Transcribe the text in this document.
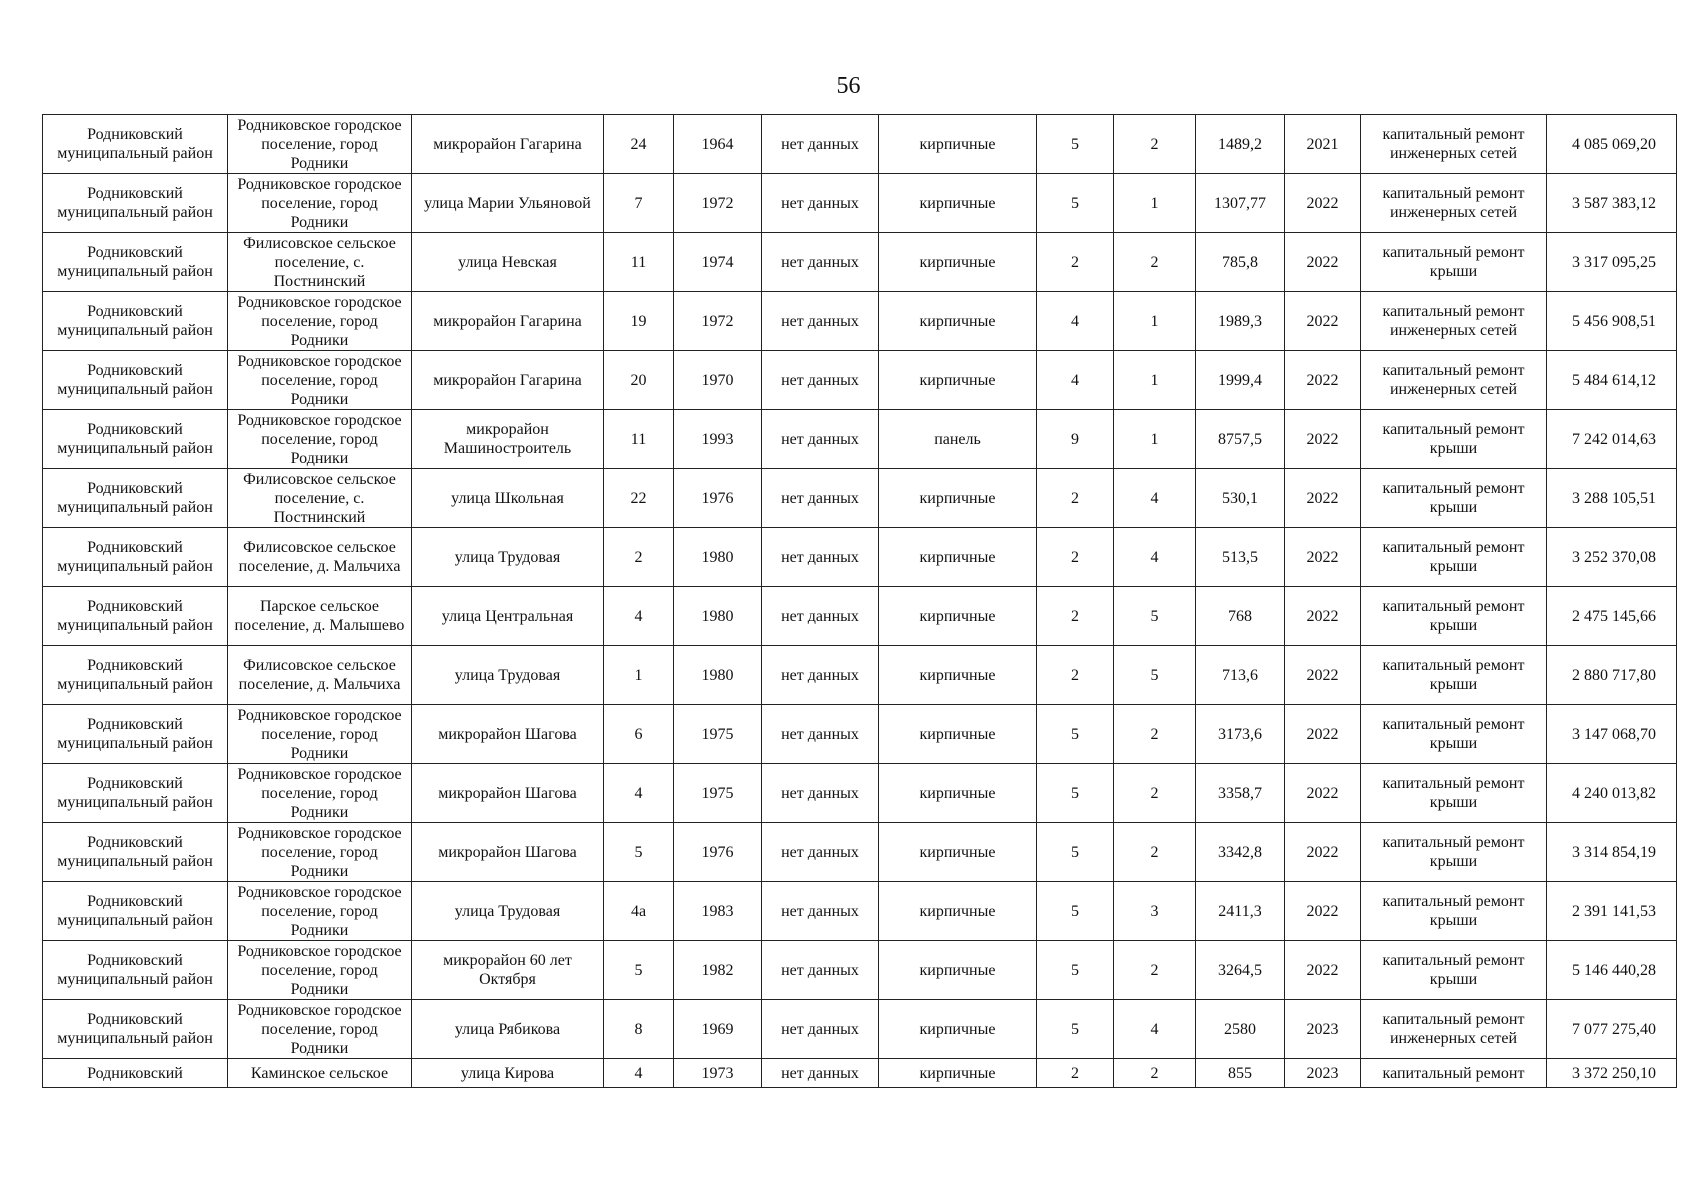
56
Родниковский муниципальный район	Родниковское городское поселение, город Родники	микрорайон Гагарина	24	1964	нет данных	кирпичные	5	2	1489,2	2021	капитальный ремонт инженерных сетей	4 085 069,20
Родниковский муниципальный район	Родниковское городское поселение, город Родники	улица Марии Ульяновой	7	1972	нет данных	кирпичные	5	1	1307,77	2022	капитальный ремонт инженерных сетей	3 587 383,12
Родниковский муниципальный район	Филисовское сельское поселение, с. Постнинский	улица Невская	11	1974	нет данных	кирпичные	2	2	785,8	2022	капитальный ремонт крыши	3 317 095,25
Родниковский муниципальный район	Родниковское городское поселение, город Родники	микрорайон Гагарина	19	1972	нет данных	кирпичные	4	1	1989,3	2022	капитальный ремонт инженерных сетей	5 456 908,51
Родниковский муниципальный район	Родниковское городское поселение, город Родники	микрорайон Гагарина	20	1970	нет данных	кирпичные	4	1	1999,4	2022	капитальный ремонт инженерных сетей	5 484 614,12
Родниковский муниципальный район	Родниковское городское поселение, город Родники	микрорайон Машиностроитель	11	1993	нет данных	панель	9	1	8757,5	2022	капитальный ремонт крыши	7 242 014,63
Родниковский муниципальный район	Филисовское сельское поселение, с. Постнинский	улица Школьная	22	1976	нет данных	кирпичные	2	4	530,1	2022	капитальный ремонт крыши	3 288 105,51
Родниковский муниципальный район	Филисовское сельское поселение, д. Мальчиха	улица Трудовая	2	1980	нет данных	кирпичные	2	4	513,5	2022	капитальный ремонт крыши	3 252 370,08
Родниковский муниципальный район	Парское сельское поселение, д. Малышево	улица Центральная	4	1980	нет данных	кирпичные	2	5	768	2022	капитальный ремонт крыши	2 475 145,66
Родниковский муниципальный район	Филисовское сельское поселение, д. Мальчиха	улица Трудовая	1	1980	нет данных	кирпичные	2	5	713,6	2022	капитальный ремонт крыши	2 880 717,80
Родниковский муниципальный район	Родниковское городское поселение, город Родники	микрорайон Шагова	6	1975	нет данных	кирпичные	5	2	3173,6	2022	капитальный ремонт крыши	3 147 068,70
Родниковский муниципальный район	Родниковское городское поселение, город Родники	микрорайон Шагова	4	1975	нет данных	кирпичные	5	2	3358,7	2022	капитальный ремонт крыши	4 240 013,82
Родниковский муниципальный район	Родниковское городское поселение, город Родники	микрорайон Шагова	5	1976	нет данных	кирпичные	5	2	3342,8	2022	капитальный ремонт крыши	3 314 854,19
Родниковский муниципальный район	Родниковское городское поселение, город Родники	улица Трудовая	4а	1983	нет данных	кирпичные	5	3	2411,3	2022	капитальный ремонт крыши	2 391 141,53
Родниковский муниципальный район	Родниковское городское поселение, город Родники	микрорайон 60 лет Октября	5	1982	нет данных	кирпичные	5	2	3264,5	2022	капитальный ремонт крыши	5 146 440,28
Родниковский муниципальный район	Родниковское городское поселение, город Родники	улица Рябикова	8	1969	нет данных	кирпичные	5	4	2580	2023	капитальный ремонт инженерных сетей	7 077 275,40
Родниковский	Каминское сельское	улица Кирова	4	1973	нет данных	кирпичные	2	2	855	2023	капитальный ремонт	3 372 250,10
